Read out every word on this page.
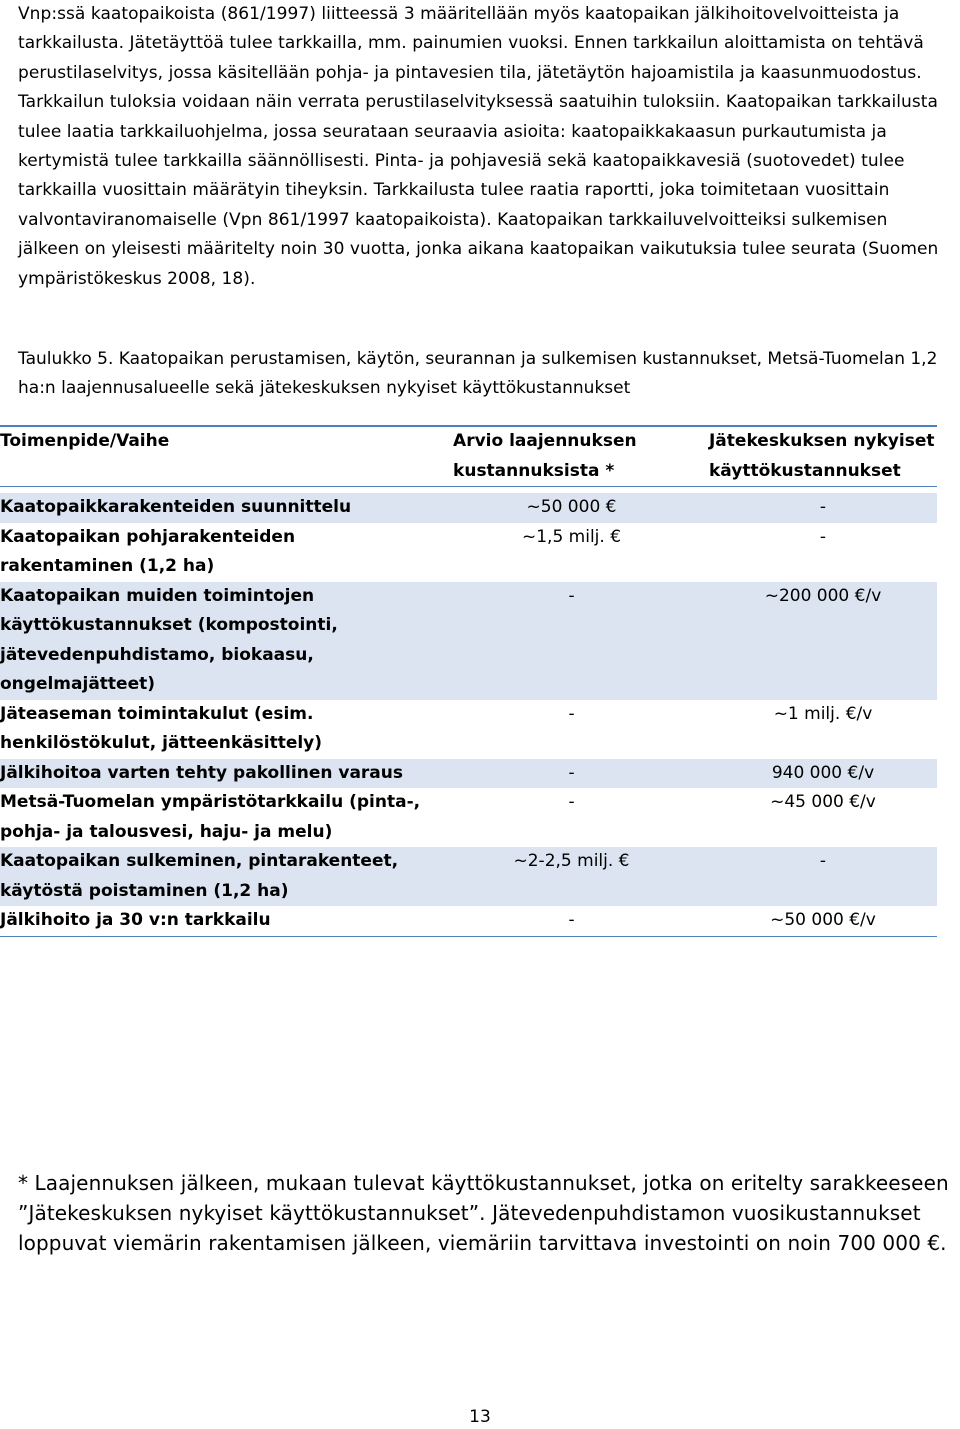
Vnp:ssä kaatopaikoista (861/1997) liitteessä 3 määritellään myös kaatopaikan jälkihoitovelvoitteista ja tarkkailusta. Jätetäyttöä tulee tarkkailla, mm. painumien vuoksi. Ennen tarkkailun aloittamista on tehtävä perustilaselvitys, jossa käsitellään pohja- ja pintavesien tila, jätetäytön hajoamistila ja kaasunmuodostus. Tarkkailun tuloksia voidaan näin verrata perustilaselvityksessä saatuihin tuloksiin. Kaatopaikan tarkkailusta tulee laatia tarkkailuohjelma, jossa seurataan seuraavia asioita: kaatopaikkakaasun purkautumista ja kertymistä tulee tarkkailla säännöllisesti. Pinta- ja pohjavesiä sekä kaatopaikkavesiä (suotovedet) tulee tarkkailla vuosittain määrätyin tiheyksin. Tarkkailusta tulee raatia raportti, joka toimitetaan vuosittain valvontaviranomaiselle (Vpn 861/1997 kaatopaikoista). Kaatopaikan tarkkailuvelvoitteiksi sulkemisen jälkeen on yleisesti määritelty noin 30 vuotta, jonka aikana kaatopaikan vaikutuksia tulee seurata (Suomen ympäristökeskus 2008, 18).

Taulukko 5. Kaatopaikan perustamisen, käytön, seurannan ja sulkemisen kustannukset, Metsä-Tuomelan 1,2 ha:n laajennusalueelle sekä jätekeskuksen nykyiset käyttökustannukset

Toimenpide/Vaihe	Arvio laajennuksen kustannuksista *	Jätekeskuksen nykyiset käyttökustannukset

Kaatopaikkarakenteiden suunnittelu	~50 000 €	-
Kaatopaikan pohjarakenteiden rakentaminen (1,2 ha)	~1,5 milj. €	-
Kaatopaikan muiden toimintojen käyttökustannukset (kompostointi, jätevedenpuhdistamo, biokaasu, ongelmajätteet)	-	~200 000 €/v
Jäteaseman toimintakulut (esim. henkilöstökulut, jätteenkäsittely)	-	~1 milj. €/v
Jälkihoitoa varten tehty pakollinen varaus	-	940 000 €/v
Metsä-Tuomelan ympäristötarkkailu (pinta-, pohja- ja talousvesi, haju- ja melu)	-	~45 000 €/v
Kaatopaikan sulkeminen, pintarakenteet, käytöstä poistaminen (1,2 ha)	~2-2,5 milj. €	-
Jälkihoito ja 30 v:n tarkkailu	-	~50 000 €/v

* Laajennuksen jälkeen, mukaan tulevat käyttökustannukset, jotka on eritelty sarakkeeseen ”Jätekeskuksen nykyiset käyttökustannukset”. Jätevedenpuhdistamon vuosikustannukset loppuvat viemärin rakentamisen jälkeen, viemäriin tarvittava investointi on noin 700 000 €.

13
